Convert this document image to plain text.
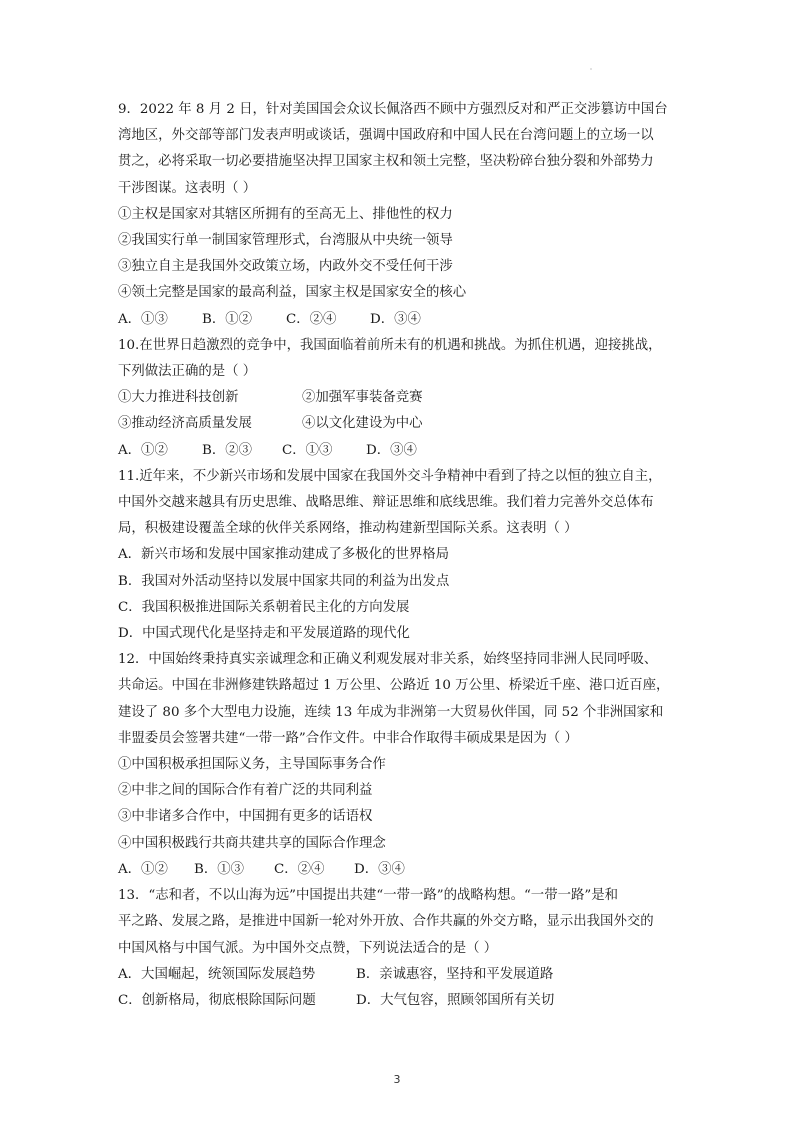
9．2022 年 8 月 2 日，针对美国国会众议长佩洛西不顾中方强烈反对和严正交涉篡访中国台
湾地区，外交部等部门发表声明或谈话，强调中国政府和中国人民在台湾问题上的立场一以
贯之，必将采取一切必要措施坚决捍卫国家主权和领土完整，坚决粉碎台独分裂和外部势力
干涉图谋。这表明（ ）
①主权是国家对其辖区所拥有的至高无上、排他性的权力
②我国实行单一制国家管理形式，台湾服从中央统一领导
③独立自主是我国外交政策立场，内政外交不受任何干涉
④领土完整是国家的最高利益，国家主权是国家安全的核心
A．①③	B．①②	C．②④	D．③④
10.在世界日趋激烈的竞争中，我国面临着前所未有的机遇和挑战。为抓住机遇，迎接挑战，
下列做法正确的是（ ）
①大力推进科技创新	②加强军事装备竞赛
③推动经济高质量发展	④以文化建设为中心
A．①②	B．②③ C．①③	D．③④
11.近年来，不少新兴市场和发展中国家在我国外交斗争精神中看到了持之以恒的独立自主，
中国外交越来越具有历史思维、战略思维、辩证思维和底线思维。我们着力完善外交总体布
局，积极建设覆盖全球的伙伴关系网络，推动构建新型国际关系。这表明（ ）
A．新兴市场和发展中国家推动建成了多极化的世界格局
B．我国对外活动坚持以发展中国家共同的利益为出发点
C．我国积极推进国际关系朝着民主化的方向发展
D．中国式现代化是坚持走和平发展道路的现代化
12．中国始终秉持真实亲诚理念和正确义利观发展对非关系，始终坚持同非洲人民同呼吸、
共命运。中国在非洲修建铁路超过 1 万公里、公路近 10 万公里、桥梁近千座、港口近百座，
建设了 80 多个大型电力设施，连续 13 年成为非洲第一大贸易伙伴国，同 52 个非洲国家和
非盟委员会签署共建“一带一路”合作文件。中非合作取得丰硕成果是因为（ ）
①中国积极承担国际义务，主导国际事务合作
②中非之间的国际合作有着广泛的共同利益
③中非诸多合作中，中国拥有更多的话语权
④中国积极践行共商共建共享的国际合作理念
A．①② B．①③ C．②④ D．③④
13．“志和者，不以山海为远”中国提出共建“一带一路”的战略构想。“一带一路”是和
平之路、发展之路，是推进中国新一轮对外开放、合作共赢的外交方略，显示出我国外交的
中国风格与中国气派。为中国外交点赞，下列说法适合的是（ ）
A．大国崛起，统领国际发展趋势	B．亲诚惠容，坚持和平发展道路
C．创新格局，彻底根除国际问题	D．大气包容，照顾邻国所有关切
3
